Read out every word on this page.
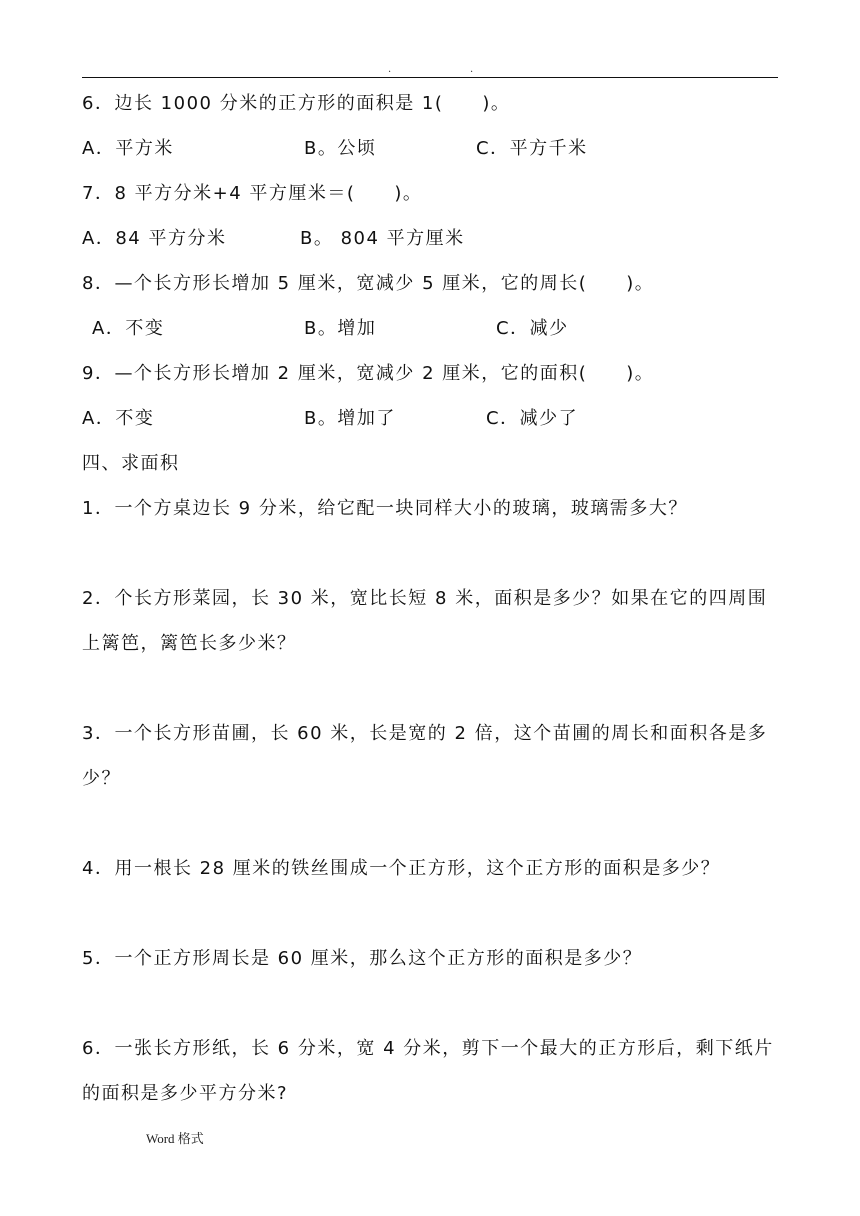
.	.
6．边长 1000 分米的正方形的面积是 1(　　)。
A．平方米	B。公顷	C．平方千米
7．8 平方分米+4 平方厘米＝(　　)。
A．84 平方分米	B。 804 平方厘米
8．—个长方形长增加 5 厘米，宽减少 5 厘米，它的周长(　　)。
A．不变	B。增加	C．减少
9．—个长方形长增加 2 厘米，宽减少 2 厘米，它的面积(　　)。
A．不变	B。增加了	C．减少了
四、求面积
1．一个方桌边长 9 分米，给它配一块同样大小的玻璃，玻璃需多大？
2．个长方形菜园，长 30 米，宽比长短 8 米，面积是多少？如果在它的四周围
上篱笆，篱笆长多少米？
3．一个长方形苗圃，长 60 米，长是宽的 2 倍，这个苗圃的周长和面积各是多
少？
4．用一根长 28 厘米的铁丝围成一个正方形，这个正方形的面积是多少？
5．一个正方形周长是 60 厘米，那么这个正方形的面积是多少？
6．一张长方形纸，长 6 分米，宽 4 分米，剪下一个最大的正方形后，剩下纸片
的面积是多少平方分米?
Word 格式
